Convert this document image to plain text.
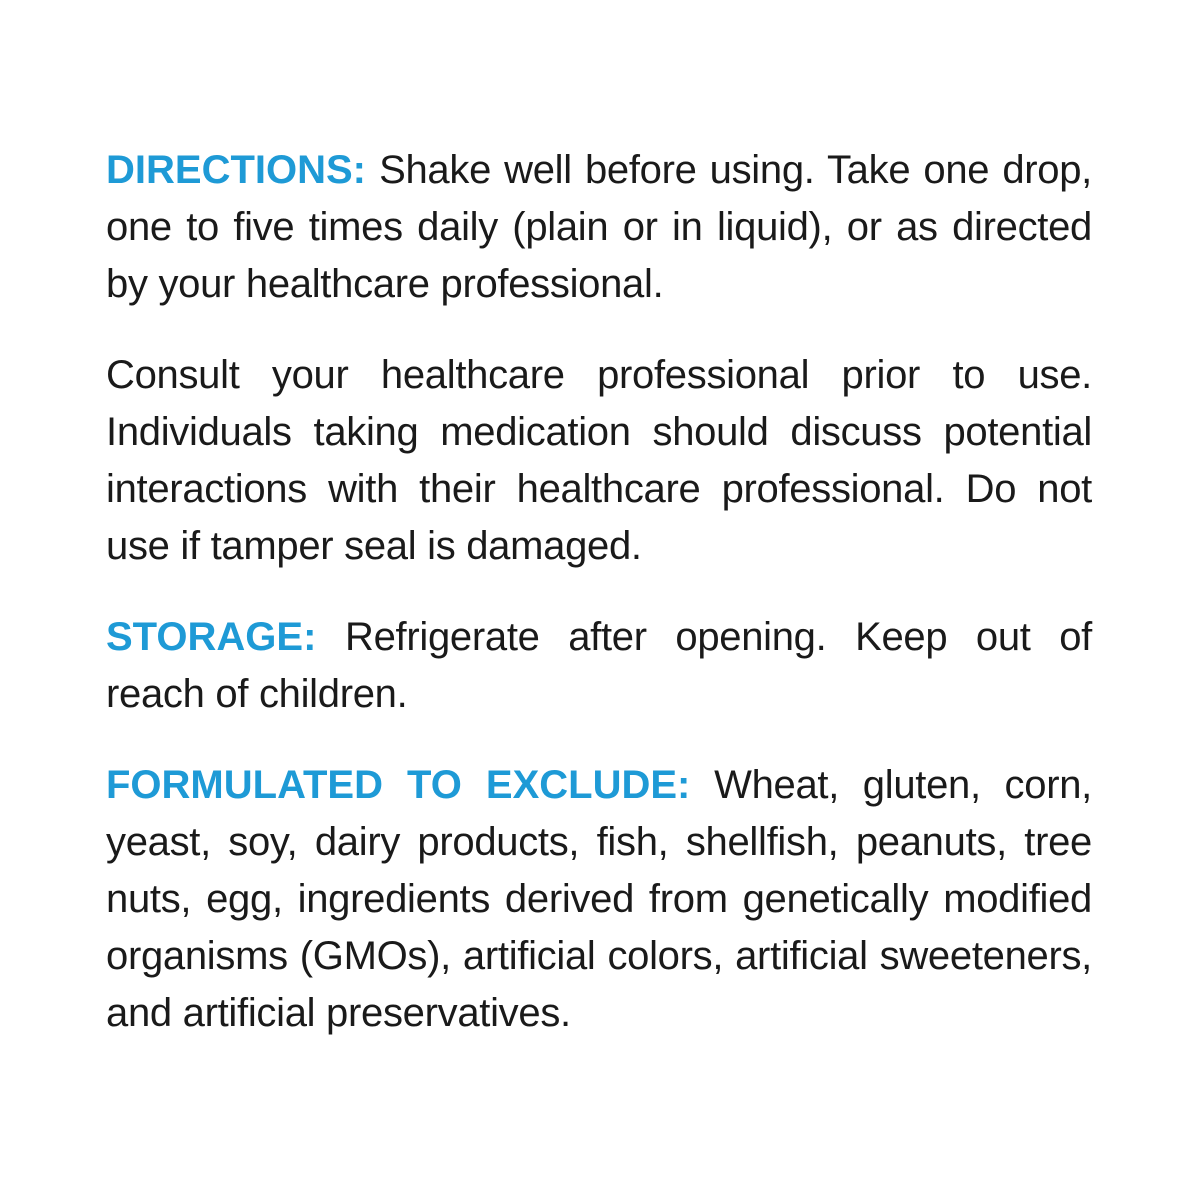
DIRECTIONS: Shake well before using. Take one drop, one to five times daily (plain or in liquid), or as directed by your healthcare professional.

Consult your healthcare professional prior to use. Individuals taking medication should discuss potential interactions with their healthcare professional. Do not use if tamper seal is damaged.

STORAGE: Refrigerate after opening. Keep out of reach of children.

FORMULATED TO EXCLUDE: Wheat, gluten, corn, yeast, soy, dairy products, fish, shellfish, peanuts, tree nuts, egg, ingredients derived from genetically modified organisms (GMOs), artificial colors, artificial sweeteners, and artificial preservatives.
